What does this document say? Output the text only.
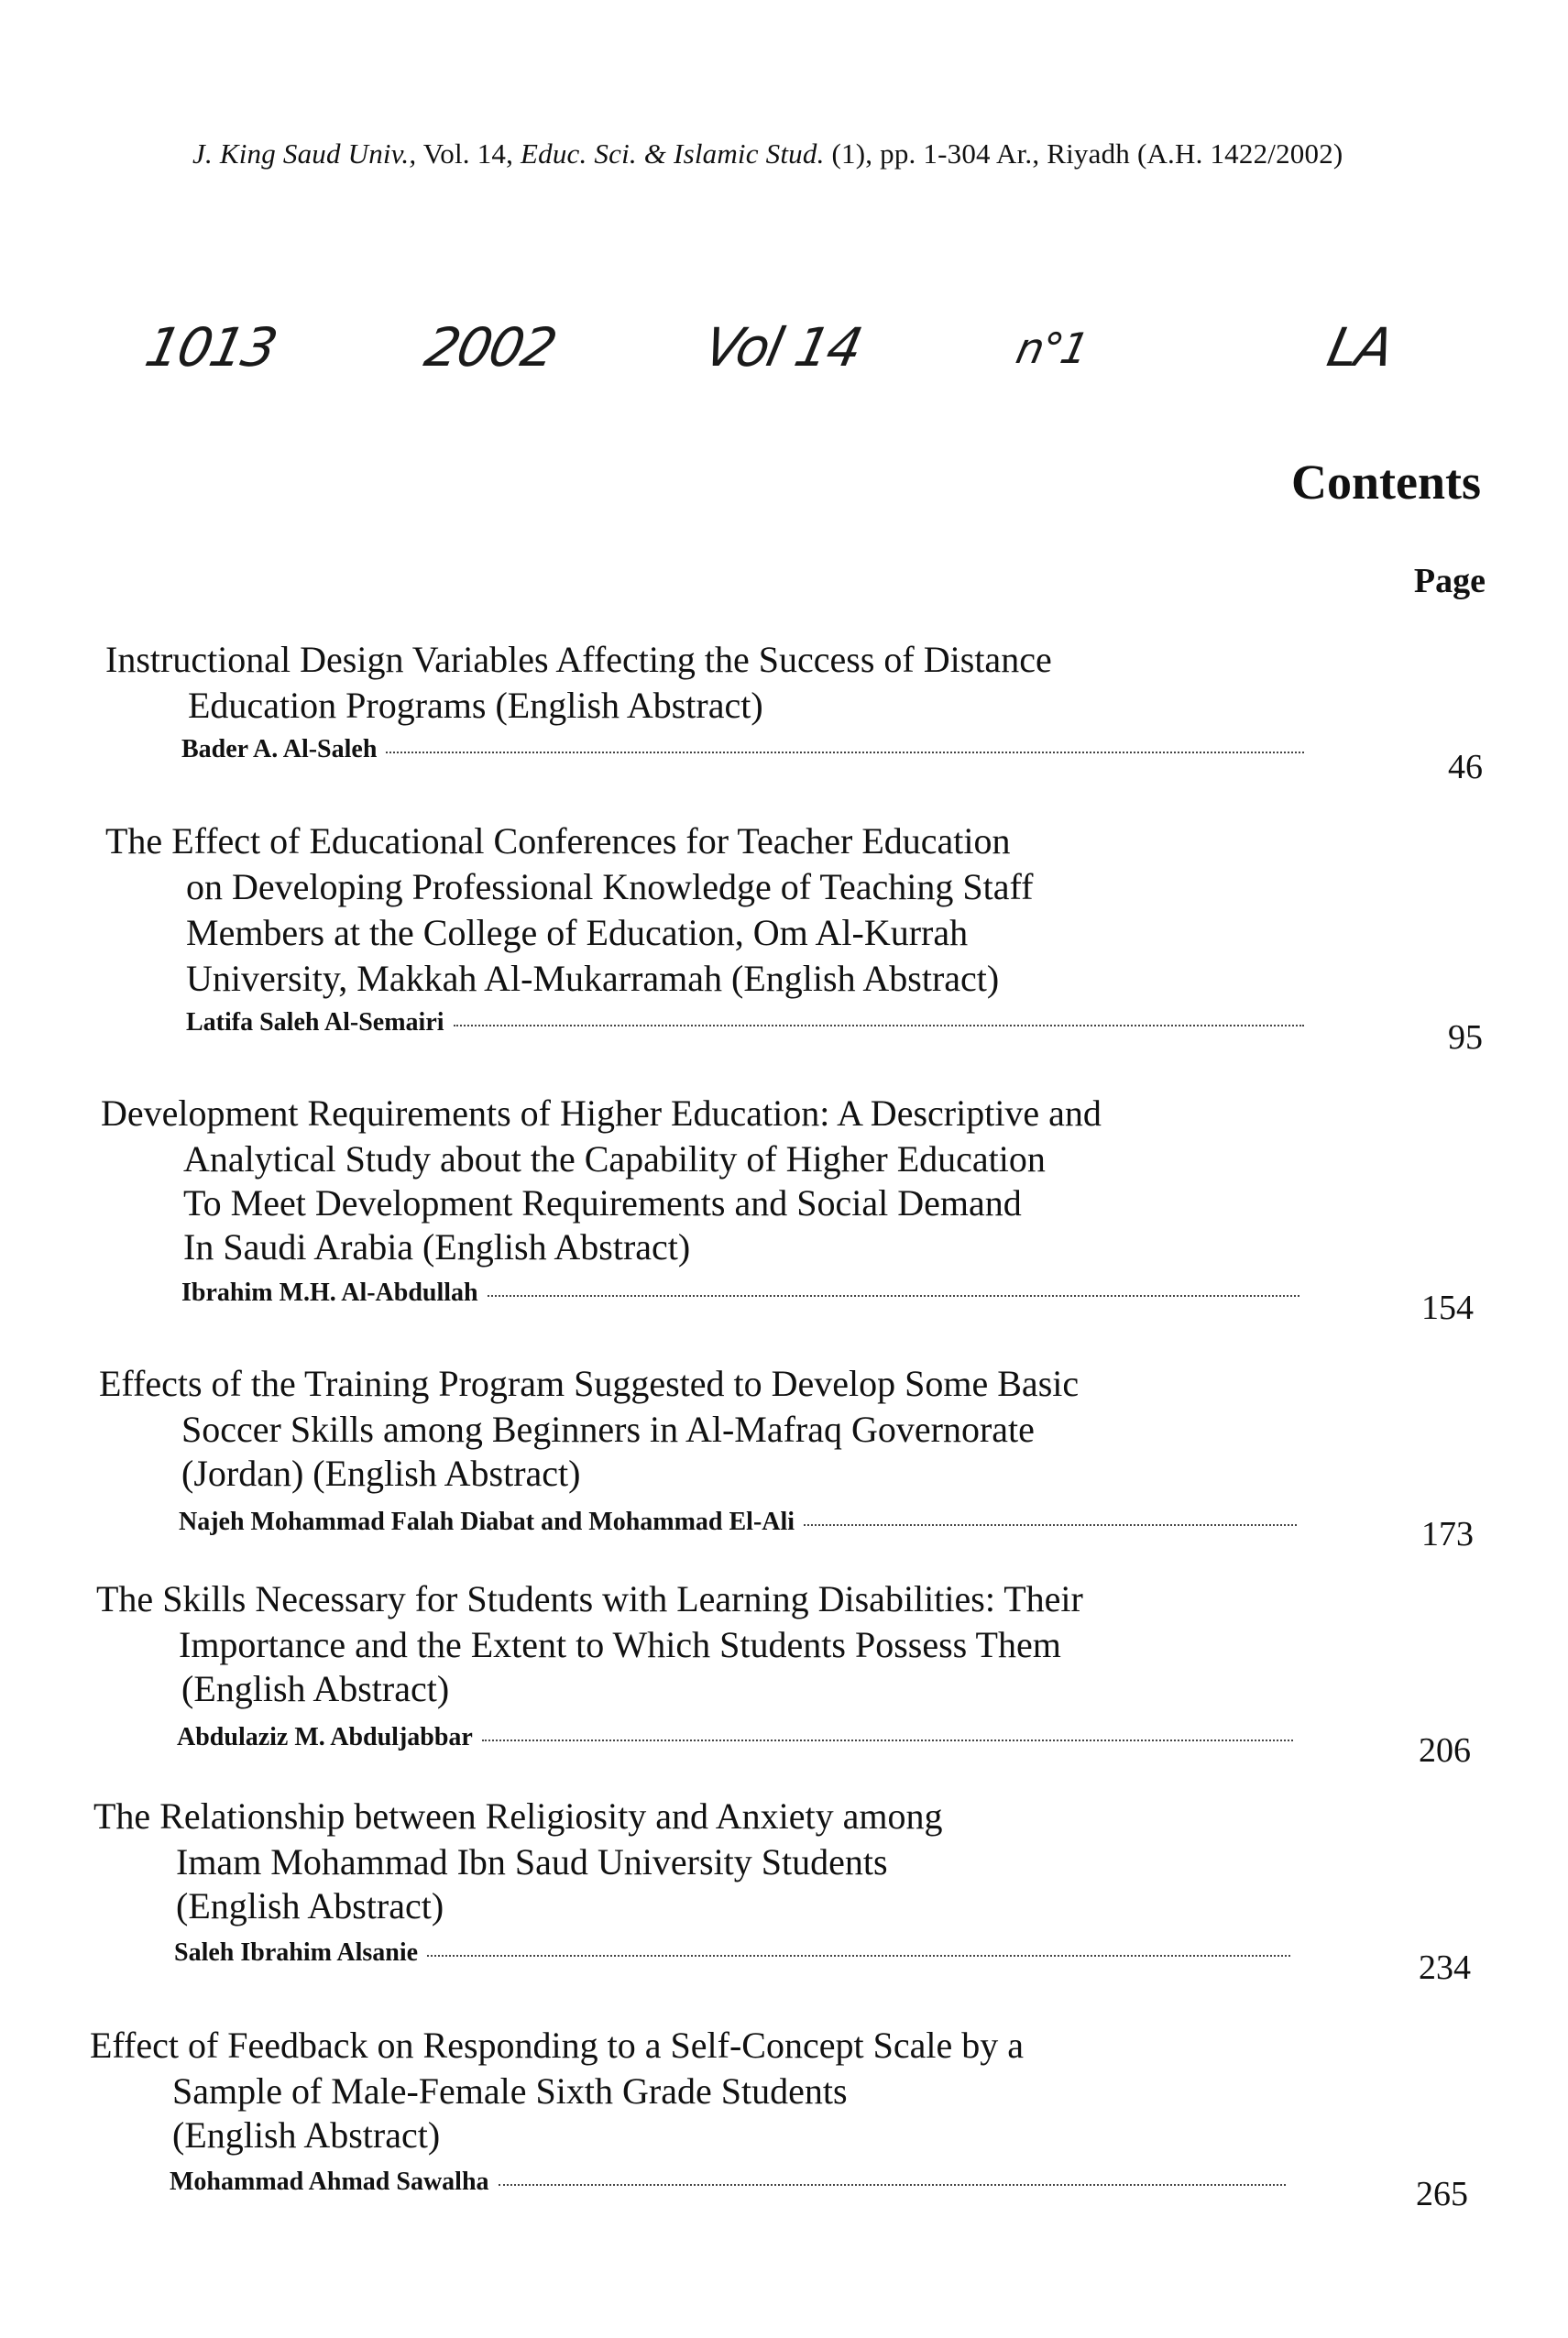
J. King Saud Univ., Vol. 14, Educ. Sci. & Islamic Stud. (1), pp. 1-304 Ar., Riyadh (A.H. 1422/2002)
1013	2002	Vol 14	n°1	LA
Contents
Page
Instructional Design Variables Affecting the Success of Distance
Education Programs (English Abstract)
Bader A. Al-Saleh	46
The Effect of Educational Conferences for Teacher Education
on Developing Professional Knowledge of Teaching Staff
Members at the College of Education, Om Al-Kurrah
University, Makkah Al-Mukarramah (English Abstract)
Latifa Saleh Al-Semairi	95
Development Requirements of Higher Education: A Descriptive and
Analytical Study about the Capability of Higher Education
To Meet Development Requirements and Social Demand
In Saudi Arabia (English Abstract)
Ibrahim M.H. Al-Abdullah	154
Effects of the Training Program Suggested to Develop Some Basic
Soccer Skills among Beginners in Al-Mafraq Governorate
(Jordan) (English Abstract)
Najeh Mohammad Falah Diabat and Mohammad El-Ali	173
The Skills Necessary for Students with Learning Disabilities: Their
Importance and the Extent to Which Students Possess Them
(English Abstract)
Abdulaziz M. Abduljabbar	206
The Relationship between Religiosity and Anxiety among
Imam Mohammad Ibn Saud University Students
(English Abstract)
Saleh Ibrahim Alsanie	234
Effect of Feedback on Responding to a Self-Concept Scale by a
Sample of Male-Female Sixth Grade Students
(English Abstract)
Mohammad Ahmad Sawalha	265
